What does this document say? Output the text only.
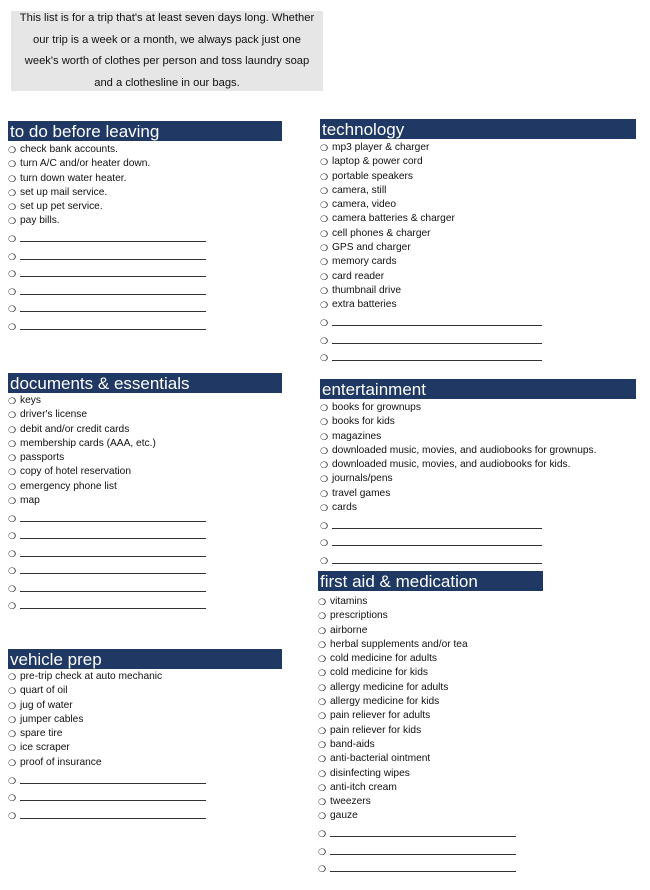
This list is for a trip that's at least seven days long. Whether our trip is a week or a month, we always pack just one week's worth of clothes per person and toss laundry soap and a clothesline in our bags.

to do before leaving
❍ check bank accounts.
❍ turn A/C and/or heater down.
❍ turn down water heater.
❍ set up mail service.
❍ set up pet service.
❍ pay bills.
❍
❍
❍
❍
❍
❍
documents & essentials
❍ keys
❍ driver's license
❍ debit and/or credit cards
❍ membership cards (AAA, etc.)
❍ passports
❍ copy of hotel reservation
❍ emergency phone list
❍ map
❍
❍
❍
❍
❍
❍
vehicle prep
❍ pre-trip check at auto mechanic
❍ quart of oil
❍ jug of water
❍ jumper cables
❍ spare tire
❍ ice scraper
❍ proof of insurance
❍
❍
❍
technology
❍ mp3 player & charger
❍ laptop & power cord
❍ portable speakers
❍ camera, still
❍ camera, video
❍ camera batteries & charger
❍ cell phones & charger
❍ GPS and charger
❍ memory cards
❍ card reader
❍ thumbnail drive
❍ extra batteries
❍
❍
❍
entertainment
❍ books for grownups
❍ books for kids
❍ magazines
❍ downloaded music, movies, and audiobooks for grownups.
❍ downloaded music, movies, and audiobooks for kids.
❍ journals/pens
❍ travel games
❍ cards
❍
❍
❍
first aid & medication
❍ vitamins
❍ prescriptions
❍ airborne
❍ herbal supplements and/or tea
❍ cold medicine for adults
❍ cold medicine for kids
❍ allergy medicine for adults
❍ allergy medicine for kids
❍ pain reliever for adults
❍ pain reliever for kids
❍ band-aids
❍ anti-bacterial ointment
❍ disinfecting wipes
❍ anti-itch cream
❍ tweezers
❍ gauze
❍
❍
❍
